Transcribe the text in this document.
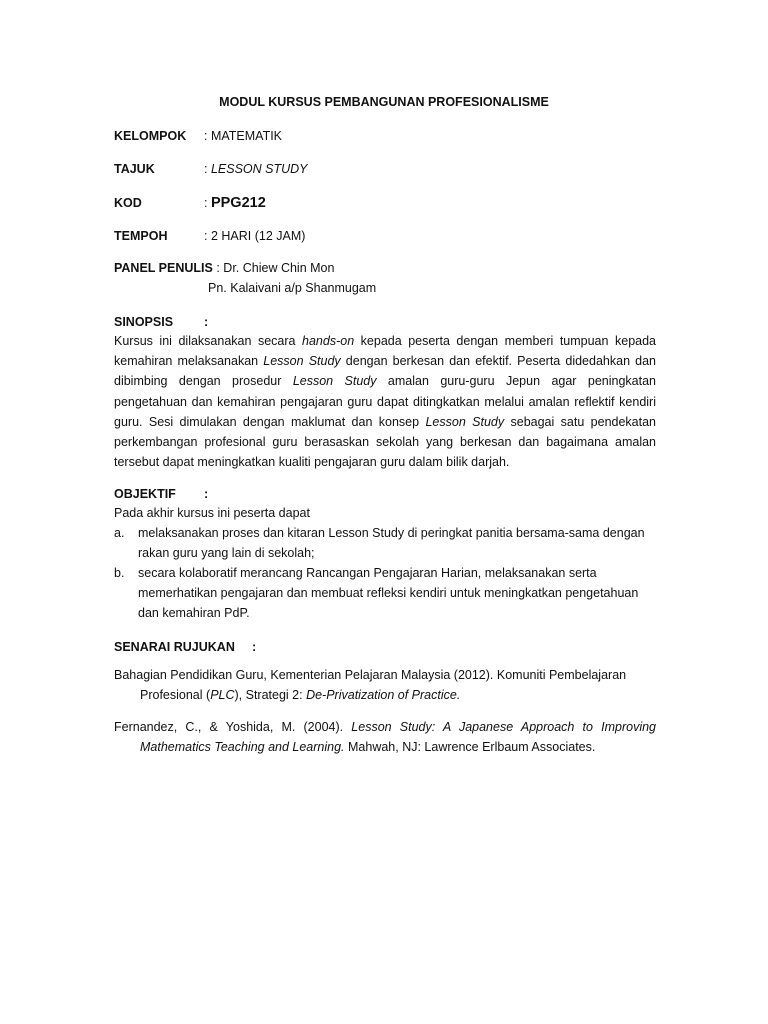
MODUL KURSUS PEMBANGUNAN PROFESIONALISME
KELOMPOK : MATEMATIK
TAJUK	: LESSON STUDY
KOD	: PPG212
TEMPOH	: 2 HARI (12 JAM)
PANEL PENULIS : Dr. Chiew Chin Mon
Pn. Kalaivani a/p Shanmugam
SINOPSIS :
Kursus ini dilaksanakan secara hands-on kepada peserta dengan memberi tumpuan kepada kemahiran melaksanakan Lesson Study dengan berkesan dan efektif. Peserta didedahkan dan dibimbing dengan prosedur Lesson Study amalan guru-guru Jepun agar peningkatan pengetahuan dan kemahiran pengajaran guru dapat ditingkatkan melalui amalan reflektif kendiri guru. Sesi dimulakan dengan maklumat dan konsep Lesson Study sebagai satu pendekatan perkembangan profesional guru berasaskan sekolah yang berkesan dan bagaimana amalan tersebut dapat meningkatkan kualiti pengajaran guru dalam bilik darjah.
OBJEKTIF :
Pada akhir kursus ini peserta dapat
a. melaksanakan proses dan kitaran Lesson Study di peringkat panitia bersama-sama dengan rakan guru yang lain di sekolah;
b. secara kolaboratif merancang Rancangan Pengajaran Harian, melaksanakan serta memerhatikan pengajaran dan membuat refleksi kendiri untuk meningkatkan pengetahuan dan kemahiran PdP.
SENARAI RUJUKAN :
Bahagian Pendidikan Guru, Kementerian Pelajaran Malaysia (2012). Komuniti Pembelajaran
Profesional (PLC), Strategi 2: De-Privatization of Practice.
Fernandez, C., & Yoshida, M. (2004). Lesson Study: A Japanese Approach to Improving
Mathematics Teaching and Learning. Mahwah, NJ: Lawrence Erlbaum Associates.
